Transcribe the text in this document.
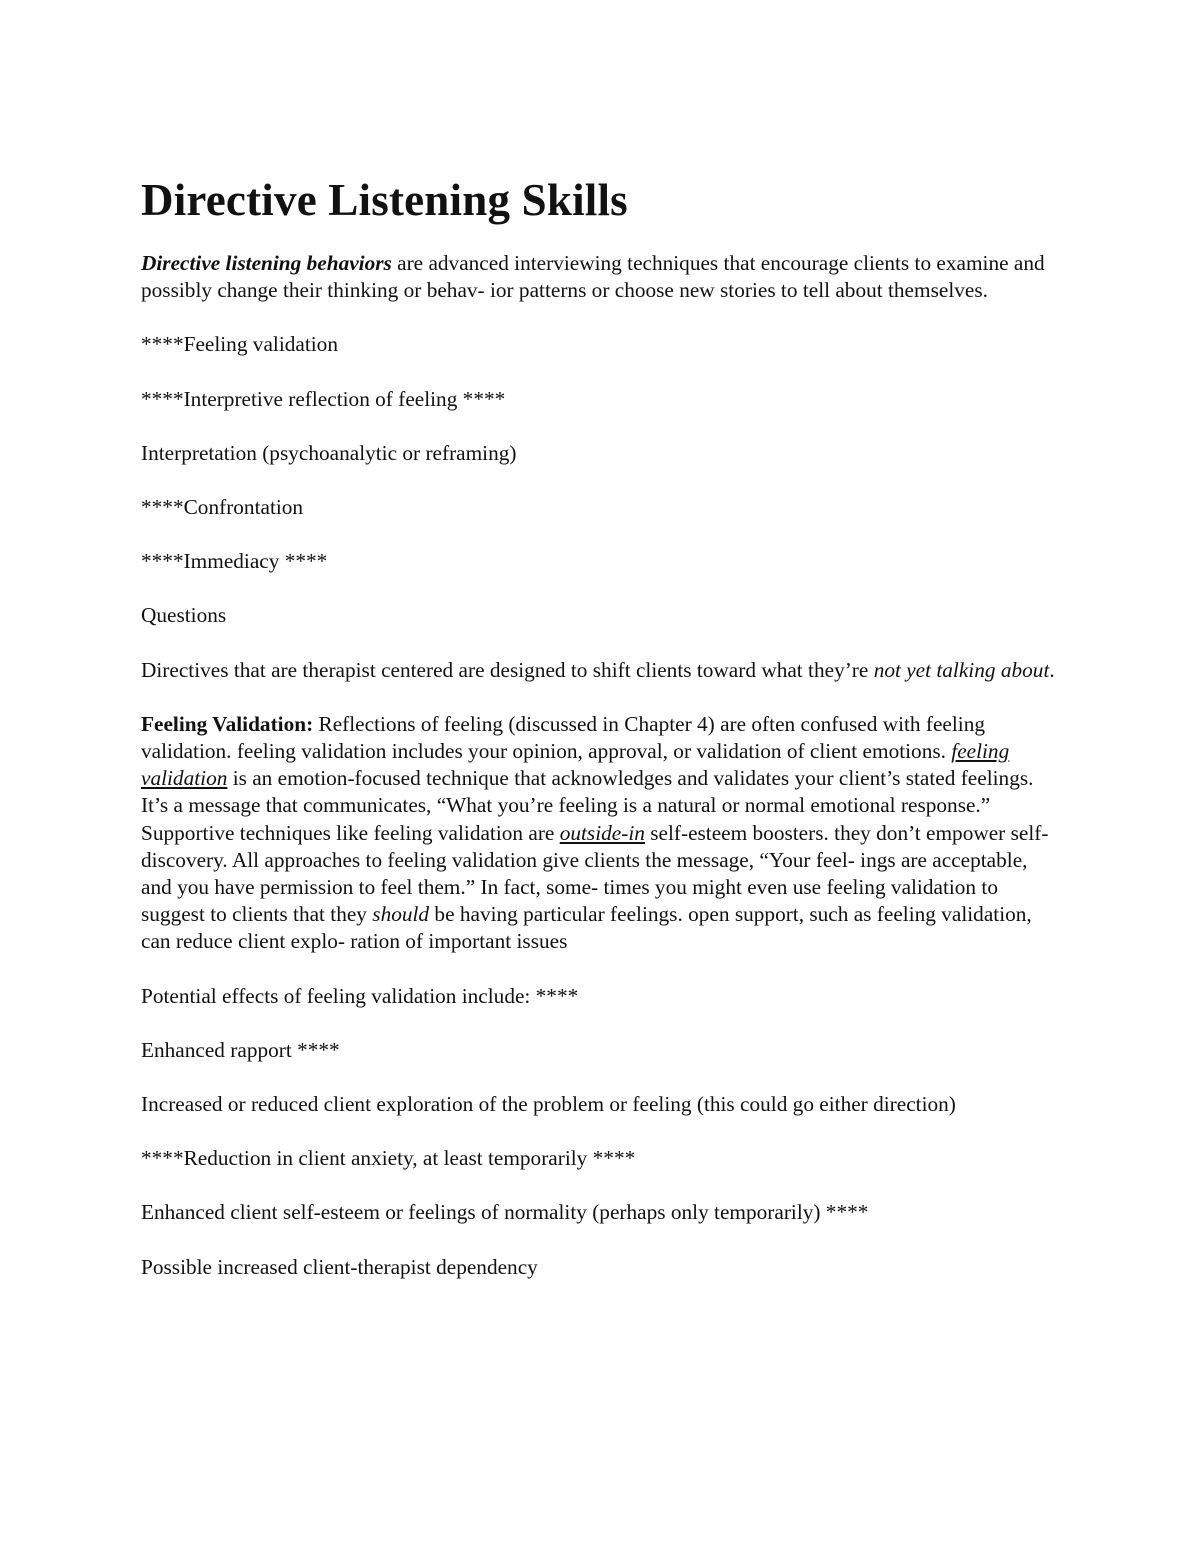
Directive Listening Skills

Directive listening behaviors are advanced interviewing techniques that encourage clients to examine and possibly change their thinking or behav- ior patterns or choose new stories to tell about themselves.

****Feeling validation

****Interpretive reflection of feeling ****

Interpretation (psychoanalytic or reframing)

****Confrontation

****Immediacy ****

Questions

Directives that are therapist centered are designed to shift clients toward what they’re not yet talking about.

Feeling Validation: Reflections of feeling (discussed in Chapter 4) are often confused with feeling validation. feeling validation includes your opinion, approval, or validation of client emotions. feeling validation is an emotion-focused technique that acknowledges and validates your client’s stated feelings. It’s a message that communicates, “What you’re feeling is a natural or normal emotional response.” Supportive techniques like feeling validation are outside-in self-esteem boosters. they don’t empower self-discovery. All approaches to feeling validation give clients the message, “Your feel- ings are acceptable, and you have permission to feel them.” In fact, some- times you might even use feeling validation to suggest to clients that they should be having particular feelings. open support, such as feeling validation, can reduce client explo- ration of important issues

Potential effects of feeling validation include: ****

Enhanced rapport ****

Increased or reduced client exploration of the problem or feeling (this could go either direction)

****Reduction in client anxiety, at least temporarily ****

Enhanced client self-esteem or feelings of normality (perhaps only temporarily) ****

Possible increased client-therapist dependency
